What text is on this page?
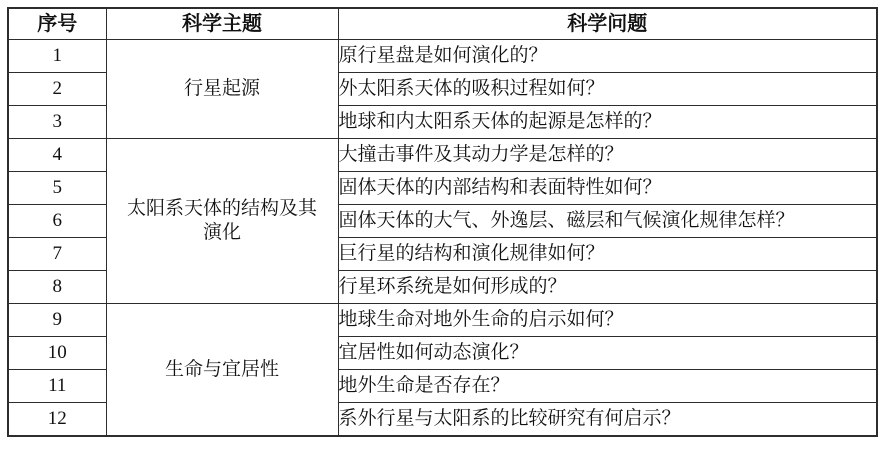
序号	科学主题	科学问题
1	行星起源	原行星盘是如何演化的？
2		外太阳系天体的吸积过程如何？
3		地球和内太阳系天体的起源是怎样的？
4	太阳系天体的结构及其演化	大撞击事件及其动力学是怎样的？
5		固体天体的内部结构和表面特性如何？
6		固体天体的大气、外逸层、磁层和气候演化规律怎样？
7		巨行星的结构和演化规律如何？
8		行星环系统是如何形成的？
9	生命与宜居性	地球生命对地外生命的启示如何？
10		宜居性如何动态演化？
11		地外生命是否存在？
12		系外行星与太阳系的比较研究有何启示？
